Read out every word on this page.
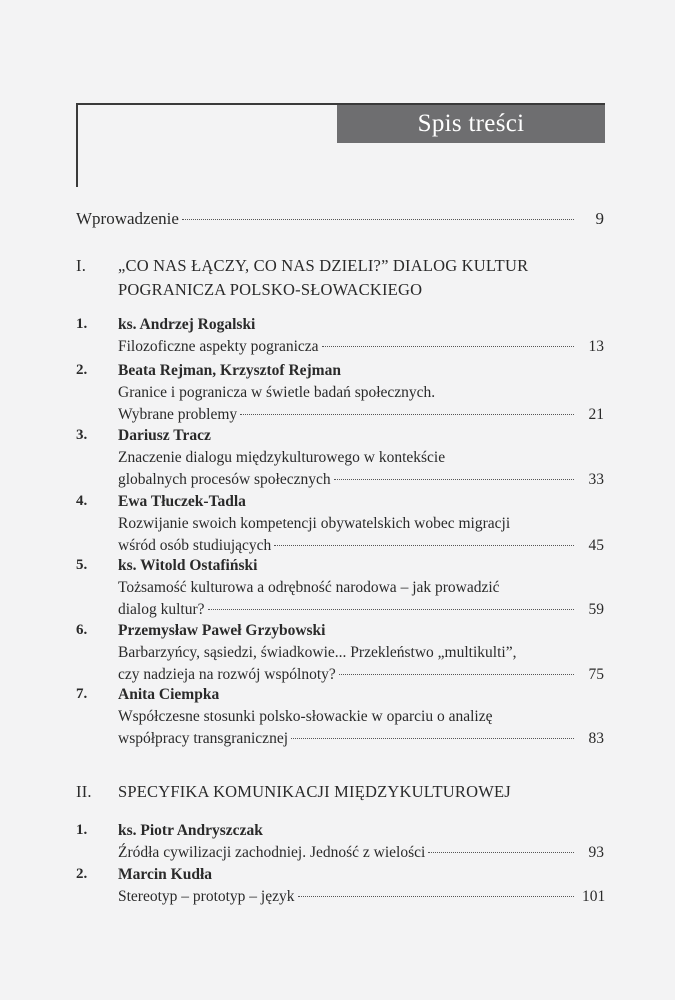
Spis treści
Wprowadzenie	9
I. „CO NAS ŁĄCZY, CO NAS DZIELI?” DIALOG KULTUR
POGRANICZA POLSKO-SŁOWACKIEGO
1. ks. Andrzej Rogalski
Filozoficzne aspekty pogranicza	13
2. Beata Rejman, Krzysztof Rejman
Granice i pogranicza w świetle badań społecznych.
Wybrane problemy	21
3. Dariusz Tracz
Znaczenie dialogu międzykulturowego w kontekście
globalnych procesów społecznych	33
4. Ewa Tłuczek-Tadla
Rozwijanie swoich kompetencji obywatelskich wobec migracji
wśród osób studiujących	45
5. ks. Witold Ostafiński
Tożsamość kulturowa a odrębność narodowa – jak prowadzić
dialog kultur?	59
6. Przemysław Paweł Grzybowski
Barbarzyńcy, sąsiedzi, świadkowie... Przekleństwo „multikulti”,
czy nadzieja na rozwój wspólnoty?	75
7. Anita Ciempka
Współczesne stosunki polsko-słowackie w oparciu o analizę
współpracy transgranicznej	83
II. SPECYFIKA KOMUNIKACJI MIĘDZYKULTUROWEJ
1. ks. Piotr Andryszczak
Źródła cywilizacji zachodniej. Jedność z wielości	93
2. Marcin Kudła
Stereotyp – prototyp – język	101
